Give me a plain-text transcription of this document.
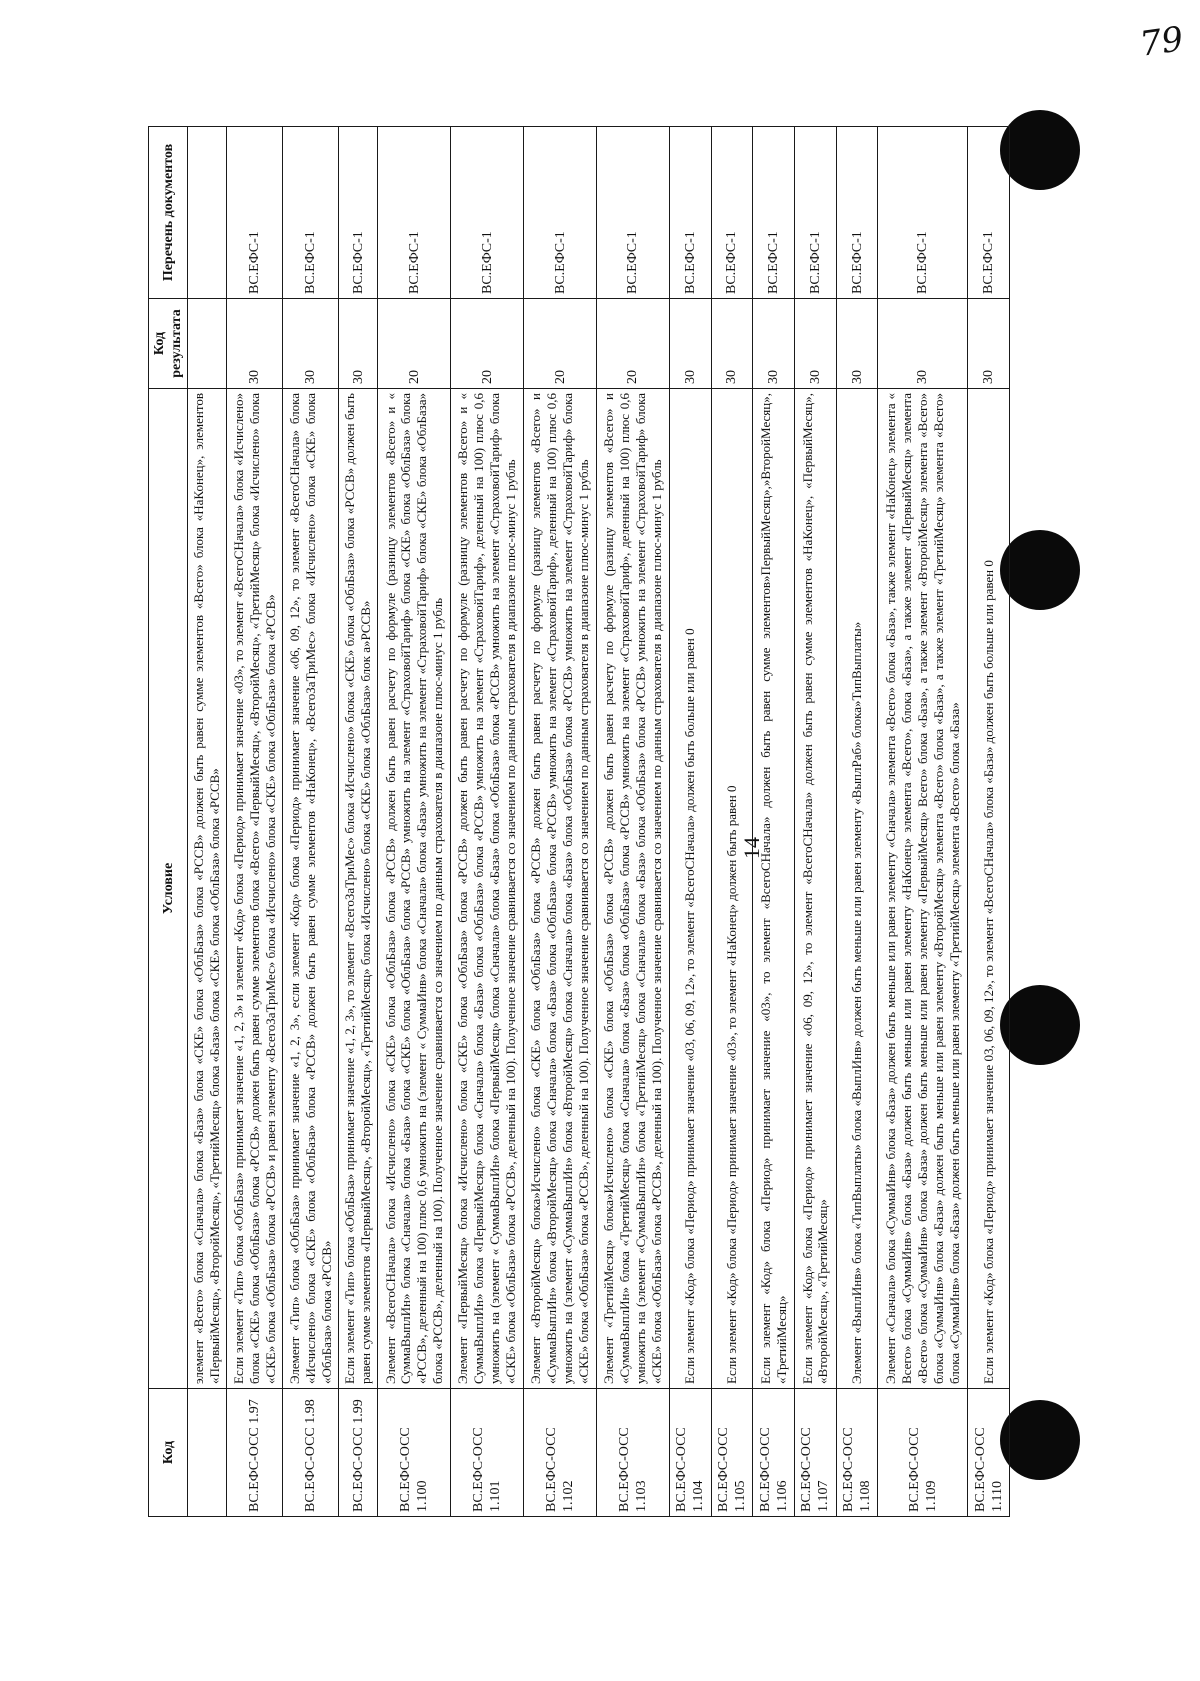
79
14
Код	Условие	Код результата	Перечень документов
	элемент «Всего» блока «Сначала» блока «База» блока «СКЕ» блока «ОблБаза» блока «РССВ» должен быть равен сумме элементов «Всего» блока «НаКонец», элементов «ПервыйМесяц», «ВторойМесяц», «ТретийМесяц» блока «База» блока «СКЕ» блока «ОблБаза» блока «РССВ»		
ВС.ЕФС-ОСС 1.97	Если элемент «Тип» блока «ОблБаза» принимает значение «1, 2, 3» и элемент «Код» блока «Период» принимает значение «03», то элемент «ВсегоСНачала» блока «Исчислено» блока «СКЕ» блока «ОблБаза» блока «РССВ» должен быть равен сумме элементов блока «Всего» «ПервыйМесяц», «ВторойМесяц», «ТретийМесяц» блока «Исчислено» блока «СКЕ» блока «ОблБаза» блока «РССВ» и равен элементу «ВсегоЗаТриМес» блока «Исчислено» блока «СКЕ» блока «ОблБаза» блока «РССВ»	30	ВС.ЕФС-1
ВС.ЕФС-ОСС 1.98	Элемент «Тип» блока «ОблБаза» принимает значение «1, 2, 3», если элемент «Код» блока «Период» принимает значение «06, 09, 12», то элемент «ВсегоСНачала» блока «Исчислено» блока «СКЕ» блока «ОблБаза» блока «РССВ» должен быть равен сумме элементов «НаКонец», «ВсегоЗаТриМес» блока «Исчислено» блока «СКЕ» блока «ОблБаза» блока «РССВ»	30	ВС.ЕФС-1
ВС.ЕФС-ОСС 1.99	Если элемент «Тип» блока «ОблБаза» принимает значение «1, 2, 3», то элемент «ВсегоЗаТриМес» блока «Исчислено» блока «СКЕ» блока «ОблБаза» блока «РССВ» должен быть равен сумме элементов «ПервыйМесяц», «ВторойМесяц», «ТретийМесяц» блока «Исчислено» блока «СКЕ» блока «ОблБаза» блок а»РССВ»	30	ВС.ЕФС-1
ВС.ЕФС-ОСС 1.100	Элемент «ВсегоСНачала» блока «Исчислено» блока «СКЕ» блока «ОблБаза» блока «РССВ» должен быть равен расчету по формуле (разницу элементов «Всего» и « СуммаВыплИн» блока «Сначала» блока «База» блока «СКЕ» блока «ОблБаза» блока «РССВ» умножить на элемент «СтраховойТариф» блока «СКЕ» блока «ОблБаза» блока «РССВ», деленный на 100) плюс 0,6 умножить на (элемент « СуммаИнв» блока «Сначала» блока «База» умножить на элемент «СтраховойТариф» блока «СКЕ» блока «ОблБаза» блока «РССВ», деленный на 100). Полученное значение сравнивается со значением по данным страхователя в диапазоне плюс-минус 1 рубль	20	ВС.ЕФС-1
ВС.ЕФС-ОСС 1.101	Элемент «ПервыйМесяц» блока «Исчислено» блока «СКЕ» блока «ОблБаза» блока «РССВ» должен быть равен расчету по формуле (разницу элементов «Всего» и « СуммаВыплИн» блока «ПервыйМесяц» блока «Сначала» блока «База» блока «ОблБаза» блока «РССВ» умножить на элемент «СтраховойТариф», деленный на 100) плюс 0,6 умножить на (элемент « СуммаВыплИн» блока «ПервыйМесяц» блока «Сначала» блока «База» блока «ОблБаза» блока «РССВ» умножить на элемент «СтраховойТариф» блока «СКЕ» блока «ОблБаза» блока «РССВ», деленный на 100). Полученное значение сравнивается со значением по данным страхователя в диапазоне плюс-минус 1 рубль	20	ВС.ЕФС-1
ВС.ЕФС-ОСС 1.102	Элемент «ВторойМесяц» блока»Исчислено» блока «СКЕ» блока «ОблБаза» блока «РССВ» должен быть равен расчету по формуле (разницу элементов «Всего» и «СуммаВыплИн» блока «ВторойМесяц» блока «Сначала» блока «База» блока «ОблБаза» блока «РССВ» умножить на элемент «СтраховойТариф», деленный на 100) плюс 0,6 умножить на (элемент «СуммаВыплИн» блока «ВторойМесяц» блока «Сначала» блока «База» блока «ОблБаза» блока «РССВ» умножить на элемент «СтраховойТариф» блока «СКЕ» блока «ОблБаза» блока «РССВ», деленный на 100). Полученное значение сравнивается со значением по данным страхователя в диапазоне плюс-минус 1 рубль	20	ВС.ЕФС-1
ВС.ЕФС-ОСС 1.103	Элемент «ТретийМесяц» блока»Исчислено» блока «СКЕ» блока «ОблБаза» блока «РССВ» должен быть равен расчету по формуле (разницу элементов «Всего» и «СуммаВыплИн» блока «ТретийМесяц» блока «Сначала» блока «База» блока «ОблБаза» блока «РССВ» умножить на элемент «СтраховойТариф», деленный на 100) плюс 0,6 умножить на (элемент «СуммаВыплИн» блока «ТретийМесяц» блока «Сначала» блока «База» блока «ОблБаза» блока «РССВ» умножить на элемент «СтраховойТариф» блока «СКЕ» блока «ОблБаза» блока «РССВ», деленный на 100). Полученное значение сравнивается со значением по данным страхователя в диапазоне плюс-минус 1 рубль	20	ВС.ЕФС-1
ВС.ЕФС-ОСС 1.104	Если элемент «Код» блока «Период» принимает значение «03, 06, 09, 12», то элемент «ВсегоСНачала» должен быть больше или равен 0	30	ВС.ЕФС-1
ВС.ЕФС-ОСС 1.105	Если элемент «Код» блока «Период» принимает значение «03», то элемент «НаКонец» должен быть равен 0	30	ВС.ЕФС-1
ВС.ЕФС-ОСС 1.106	Если элемент «Код» блока «Период» принимает значение «03», то элемент «ВсегоСНачала» должен быть равен сумме элементов»ПервыйМесяц»,»ВторойМесяц», «ТретийМесяц»	30	ВС.ЕФС-1
ВС.ЕФС-ОСС 1.107	Если элемент «Код» блока «Период» принимает значение «06, 09, 12», то элемент «ВсегоСНачала» должен быть равен сумме элементов «НаКонец», «ПервыйМесяц», «ВторойМесяц», «ТретийМесяц»	30	ВС.ЕФС-1
ВС.ЕФС-ОСС 1.108	Элемент «ВыплИнв» блока «ТипВыплаты» блока «ВыплИнв» должен быть меньше или равен элементу «ВыплРаб» блока»ТипВыплаты»	30	ВС.ЕФС-1
ВС.ЕФС-ОСС 1.109	Элемент «Сначала» блока «СуммаИнв» блока «База» должен быть меньше или равен элементу «Сначала» элемента «Всего» блока «База», также элемент «НаКонец» элемента « Всего» блока «СуммаИнв» блока «База» должен быть меньше или равен элементу «НаКонец» элемента «Всего», блока «База», а также элемент «ПервыйМесяц» элемента «Всего» блока «СуммаИнв» блока «База» должен быть меньше или равен элементу «ПервыйМесяц» Всего» блока «База», а также элемент «ВторойМесяц» элемента «Всего» блока «СуммаИнв» блока «База» должен быть меньше или равен элементу «ВторойМесяц» элемента «Всего» блока «База», а также элемент «ТретийМесяц» элемента «Всего» блока «СуммаИнв» блока «База» должен быть меньше или равен элементу «ТретийМесяц» элемента «Всего» блока «База»	30	ВС.ЕФС-1
ВС.ЕФС-ОСС 1.110	Если элемент «Код» блока «Период» принимает значение 03, 06, 09, 12», то элемент «ВсегоСНачала» блока «База» должен быть больше или равен 0	30	ВС.ЕФС-1
